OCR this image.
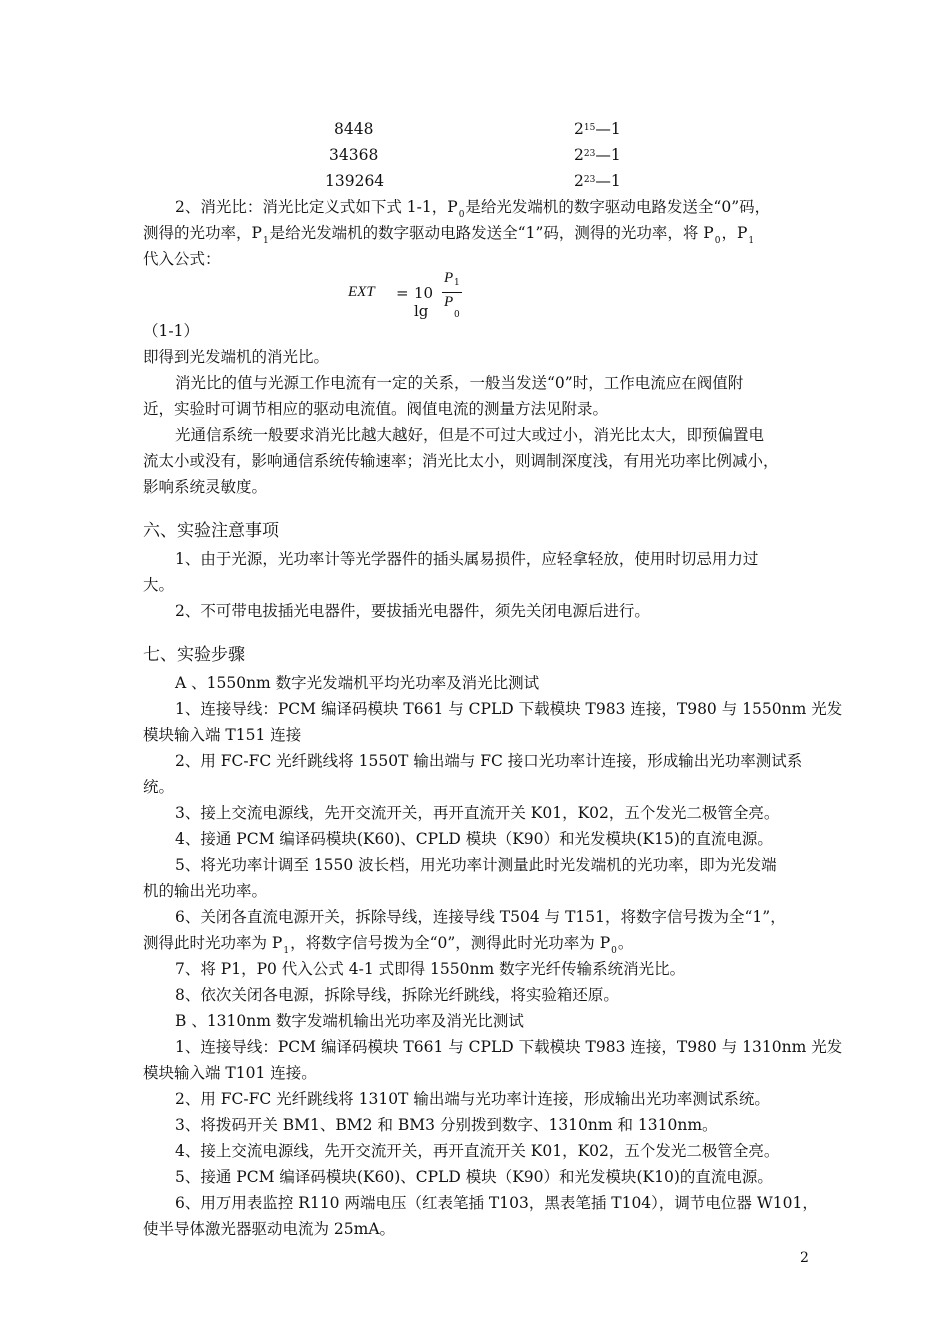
8448	$2^{15}—1$
34368	$2^{23}—1$
139264	$2^{23}—1$
2、消光比：消光比定义式如下式 1-1，$P_0$是给光发端机的数字驱动电路发送全“0”码，
测得的光功率，$P_1$是给光发端机的数字驱动电路发送全“1”码，测得的光功率，将 $P_0$，$P_1$
代入公式：
EXT = 10 lg
P 1
P
0
（1-1）
即得到光发端机的消光比。
消光比的值与光源工作电流有一定的关系，一般当发送“0”时，工作电流应在阀值附
近，实验时可调节相应的驱动电流值。阀值电流的测量方法见附录。
光通信系统一般要求消光比越大越好，但是不可过大或过小，消光比太大，即预偏置电
流太小或没有，影响通信系统传输速率；消光比太小，则调制深度浅，有用光功率比例减小，
影响系统灵敏度。
六、实验注意事项
1、由于光源，光功率计等光学器件的插头属易损件，应轻拿轻放，使用时切忌用力过
大。
2、不可带电拔插光电器件，要拔插光电器件，须先关闭电源后进行。
七、实验步骤
A 、1550nm 数字光发端机平均光功率及消光比测试
1、连接导线：PCM 编译码模块 T661 与 CPLD 下载模块 T983 连接，T980 与 1550nm 光发
模块输入端 T151 连接
2、用 FC-FC 光纤跳线将 1550T 输出端与 FC 接口光功率计连接，形成输出光功率测试系
统。
3、接上交流电源线，先开交流开关，再开直流开关 K01，K02，五个发光二极管全亮。
4、接通 PCM 编译码模块(K60)、CPLD 模块（K90）和光发模块(K15)的直流电源。
5、将光功率计调至 1550 波长档，用光功率计测量此时光发端机的光功率，即为光发端
机的输出光功率。
6、关闭各直流电源开关，拆除导线，连接导线 T504 与 T151，将数字信号拨为全“1”，
测得此时光功率为 $P_1$，将数字信号拨为全“0”，测得此时光功率为 $P_0$。
7、将 P1，P0 代入公式 4-1 式即得 1550nm 数字光纤传输系统消光比。
8、依次关闭各电源，拆除导线，拆除光纤跳线，将实验箱还原。
B 、1310nm 数字发端机输出光功率及消光比测试
1、连接导线：PCM 编译码模块 T661 与 CPLD 下载模块 T983 连接，T980 与 1310nm 光发
模块输入端 T101 连接。
2、用 FC-FC 光纤跳线将 1310T 输出端与光功率计连接，形成输出光功率测试系统。
3、将拨码开关 BM1、BM2 和 BM3 分别拨到数字、1310nm 和 1310nm。
4、接上交流电源线，先开交流开关，再开直流开关 K01，K02，五个发光二极管全亮。
5、接通 PCM 编译码模块(K60)、CPLD 模块（K90）和光发模块(K10)的直流电源。
6、用万用表监控 R110 两端电压（红表笔插 T103，黑表笔插 T104），调节电位器 W101，
使半导体激光器驱动电流为 25mA。
2
